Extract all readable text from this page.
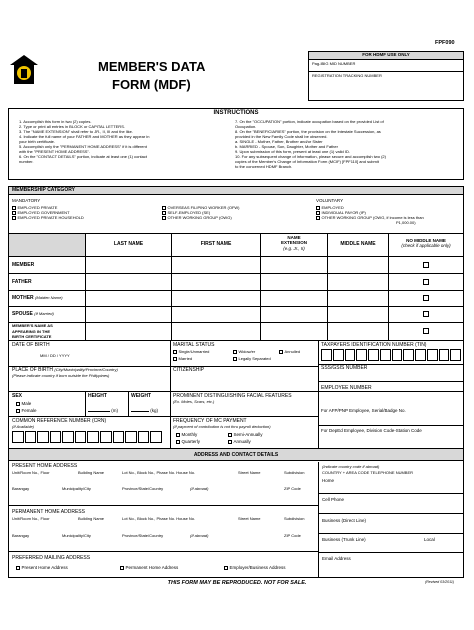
FPF090
MEMBER'S DATA
FORM (MDF)
FOR HDMF USE ONLY
Pag-IBIG MID NUMBER
REGISTRATION TRACKING NUMBER
INSTRUCTIONS
1. Accomplish this form in two (2) copies.
2. Type or print all entries in BLOCK or CAPITAL LETTERS.
3. The "NAME EXTENSION" shall refer to JR., II, III and the like.
4. Indicate the full name of your FATHER and MOTHER as they appear in
your birth certificate.
5. Accomplish only the "PERMANENT HOME ADDRESS" if it is different
with the "PRESENT HOME ADDRESS".
6. On the "CONTACT DETAILS" portion, indicate at least one (1) contact
number.
7. On the "OCCUPATION" portion, indicate occupation based on the provided List of
Occupation.
8. On the "BENEFICIARIES" portion, the provision on the Intestate Succession, as
provided in the New Family Code shall be observed.
a. SINGLE - Mother, Father, Brother and/or Sister
b. MARRIED - Spouse, Son, Daughter, Mother and Father
9. Upon submission of this form, present at least one (1) valid ID.
10. For any subsequent change of information, please secure and accomplish two (2)
copies of the Member's Change of Information Form (MCIF) [FPF110] and submit
to the concerned HDMF Branch.
MEMBERSHIP CATEGORY
MANDATORY	VOLUNTARY
EMPLOYED PRIVATE
EMPLOYED GOVERNMENT
EMPLOYED PRIVATE HOUSEHOLD
OVERSEAS FILIPINO WORKER (OFW)
SELF-EMPLOYED (SE)
OTHER WORKING GROUP (OWG)
EMPLOYED
INDIVIDUAL PAYOR (IP)
OTHER WORKING GROUP (OWG, if income is less than
P1,000.00)
LAST NAME	FIRST NAME
NAME
EXTENSION
(e.g. Jr., II)
MIDDLE NAME
NO MIDDLE NAME
(check if applicable only)
MEMBER
FATHER
MOTHER (Maiden Name)
SPOUSE (If Married)
MEMBER'S NAME AS
APPEARING IN THE
BIRTH CERTIFICATE
DATE OF BIRTH
MM / DD / YYYY
PLACE OF BIRTH (City/Municipality/Province/Country)
(Please indicate country if born outside the Philippines)
MARITAL STATUS
Single/Unmarried	Widow/er	Annulled
Married	Legally Separated
CITIZENSHIP
TAXPAYERS IDENTIFICATION NUMBER (TIN)
SSS/GSIS NUMBER
EMPLOYEE NUMBER
For AFP/PNP Employee, Serial/Badge No.
For DepEd Employee, Division Code-Station Code
SEX
Male
Female
HEIGHT
(m)
WEIGHT
(kg)
PROMINENT DISTINGUISHING FACIAL FEATURES
(Ex. Moles, Scars, etc.)
COMMON REFERENCE NUMBER (CRN)
(If Available)
FREQUENCY OF MC PAYMENT
(If payment of contribution is not thru payroll deduction)
Monthly	Semi-Annually
Quarterly	Annually
ADDRESS AND CONTACT DETAILS
PRESENT HOME ADDRESS
Unit/Room No., Floor	Building Name	Lot No., Block No., Phase No. House No.	Street Name	Subdivision
Barangay	Municipality/City	Province/State/Country	(If abroad)	ZIP Code
PERMANENT HOME ADDRESS
Unit/Room No., Floor	Building Name	Lot No., Block No., Phase No. House No.	Street Name	Subdivision
Barangay	Municipality/City	Province/State/Country	(If abroad)	ZIP Code
PREFERRED MAILING ADDRESS
Present Home Address	Permanent Home Address	Employer/Business Address
(Indicate country code if abroad)
COUNTRY + AREA CODE TELEPHONE NUMBER
Home
Cell Phone
Business (Direct Line)
Business (Trunk Line)	Local
Email Address
THIS FORM MAY BE REPRODUCED. NOT FOR SALE.	(Revised 03/2011)
